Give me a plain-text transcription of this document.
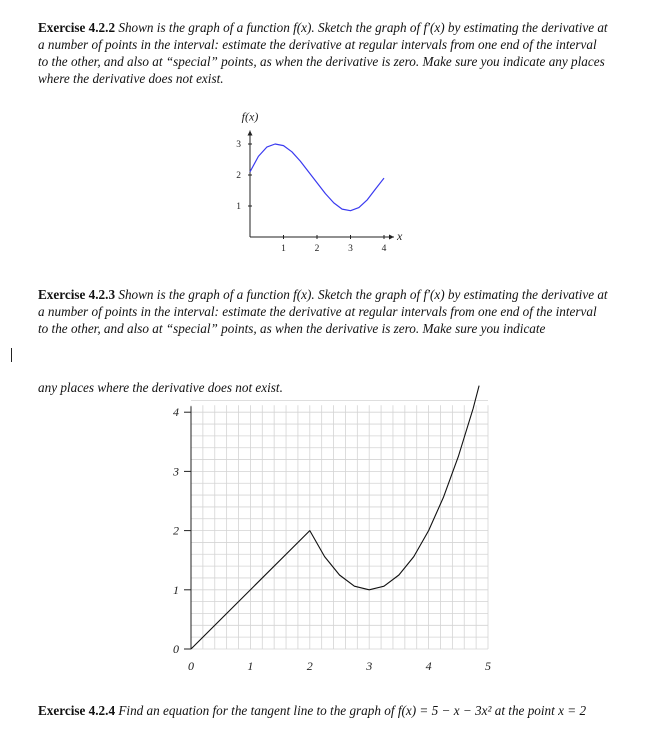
Exercise 4.2.2 Shown is the graph of a function f(x). Sketch the graph of f′(x) by estimating the derivative at a number of points in the interval: estimate the derivative at regular intervals from one end of the interval to the other, and also at “special” points, as when the derivative is zero. Make sure you indicate any places where the derivative does not exist.
Exercise 4.2.3 Shown is the graph of a function f(x). Sketch the graph of f′(x) by estimating the derivative at a number of points in the interval: estimate the derivative at regular intervals from one end of the interval to the other, and also at “special” points, as when the derivative is zero. Make sure you indicate
any places where the derivative does not exist.
Exercise 4.2.4 Find an equation for the tangent line to the graph of f(x) = 5 − x − 3x² at the point x = 2
1	2	3	4
1
2
3
x
f(x)
0
1
2
3
4
0	1	2	3	4	5
